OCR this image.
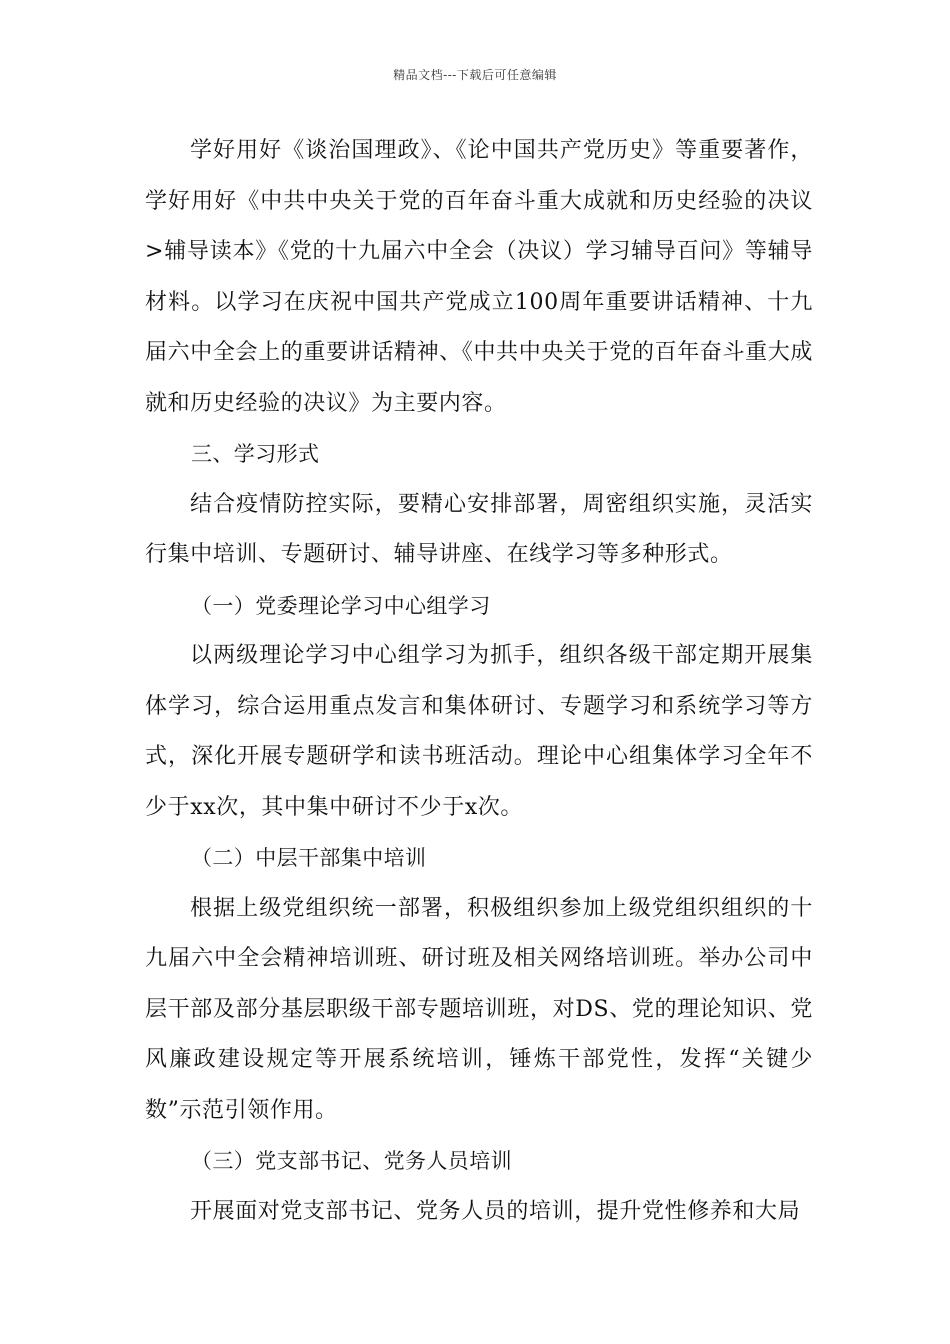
精品文档---下载后可任意编辑

学好用好《谈治国理政》、《论中国共产党历史》等重要著作，学好用好《中共中央关于党的百年奋斗重大成就和历史经验的决议>辅导读本》《党的十九届六中全会（决议）学习辅导百问》等辅导材料。以学习在庆祝中国共产党成立100周年重要讲话精神、十九届六中全会上的重要讲话精神、《中共中央关于党的百年奋斗重大成就和历史经验的决议》为主要内容。

三、学习形式

结合疫情防控实际，要精心安排部署，周密组织实施，灵活实行集中培训、专题研讨、辅导讲座、在线学习等多种形式。

（一）党委理论学习中心组学习

以两级理论学习中心组学习为抓手，组织各级干部定期开展集体学习，综合运用重点发言和集体研讨、专题学习和系统学习等方式，深化开展专题研学和读书班活动。理论中心组集体学习全年不少于xx次，其中集中研讨不少于x次。

（二）中层干部集中培训

根据上级党组织统一部署，积极组织参加上级党组织组织的十九届六中全会精神培训班、研讨班及相关网络培训班。举办公司中层干部及部分基层职级干部专题培训班，对DS、党的理论知识、党风廉政建设规定等开展系统培训，锤炼干部党性，发挥“关键少数”示范引领作用。

（三）党支部书记、党务人员培训

开展面对党支部书记、党务人员的培训，提升党性修养和大局
